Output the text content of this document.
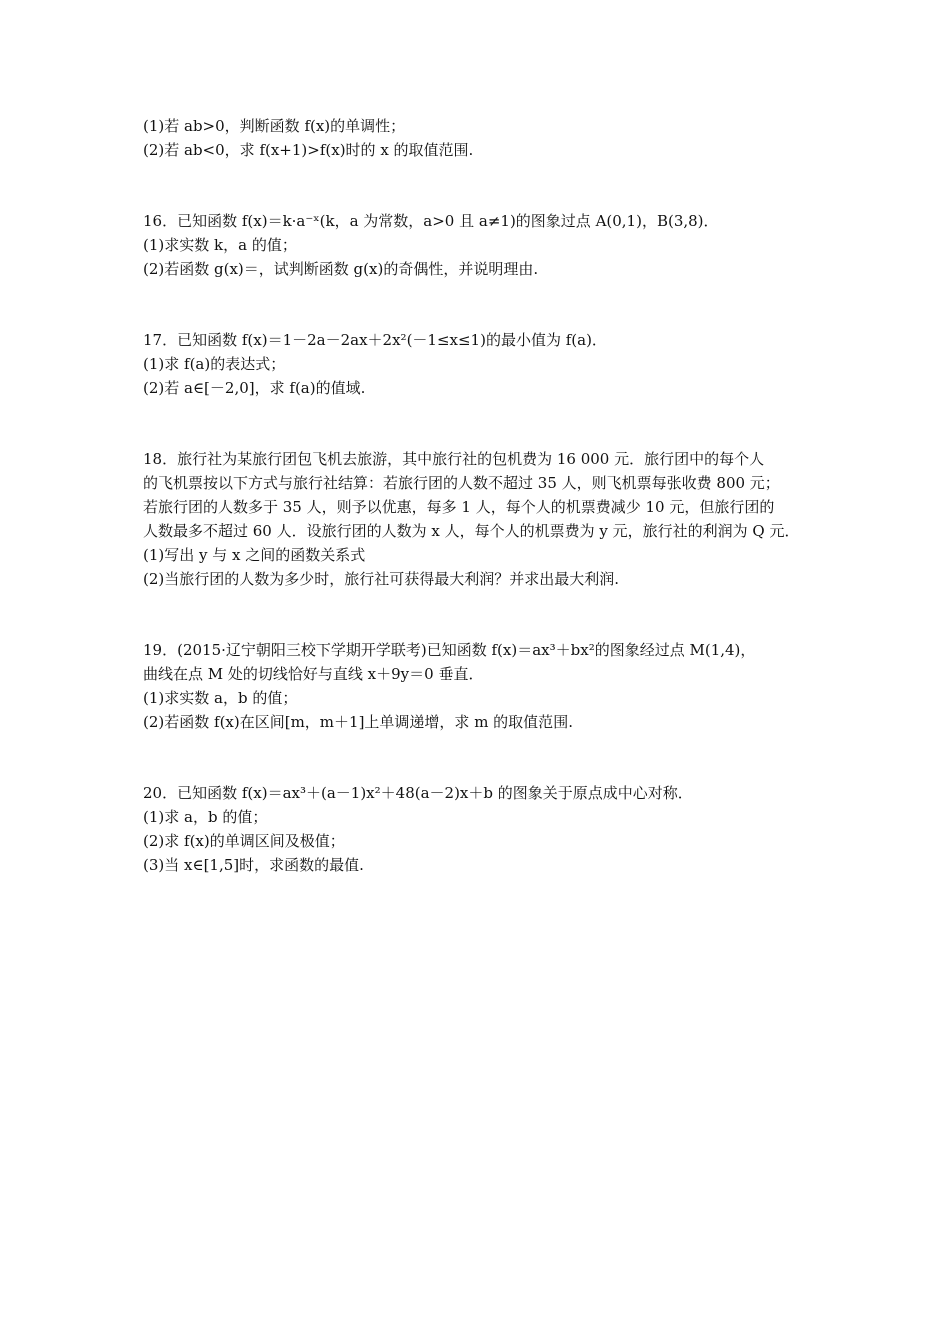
(1)若 ab>0，判断函数 f(x)的单调性；

(2)若 ab<0，求 f(x+1)>f(x)时的 x 的取值范围.

16．已知函数 f(x)＝k·a⁻ˣ(k，a 为常数，a>0 且 a≠1)的图象过点 A(0,1)，B(3,8)．

(1)求实数 k，a 的值；

(2)若函数 g(x)＝，试判断函数 g(x)的奇偶性，并说明理由.

17．已知函数 f(x)＝1－2a－2ax＋2x²(－1≤x≤1)的最小值为 f(a)．

(1)求 f(a)的表达式；

(2)若 a∈[－2,0]，求 f(a)的值域.

18．旅行社为某旅行团包飞机去旅游，其中旅行社的包机费为 16 000 元．旅行团中的每个人

的飞机票按以下方式与旅行社结算：若旅行团的人数不超过 35 人，则飞机票每张收费 800 元；

若旅行团的人数多于 35 人，则予以优惠，每多 1 人，每个人的机票费减少 10 元，但旅行团的

人数最多不超过 60 人．设旅行团的人数为 x 人，每个人的机票费为 y 元，旅行社的利润为 Q 元．

(1)写出 y 与 x 之间的函数关系式

(2)当旅行团的人数为多少时，旅行社可获得最大利润？并求出最大利润.

19．(2015·辽宁朝阳三校下学期开学联考)已知函数 f(x)＝ax³＋bx²的图象经过点 M(1,4)，

曲线在点 M 处的切线恰好与直线 x＋9y＝0 垂直．

(1)求实数 a，b 的值；

(2)若函数 f(x)在区间[m，m＋1]上单调递增，求 m 的取值范围.

20．已知函数 f(x)＝ax³＋(a－1)x²＋48(a－2)x＋b 的图象关于原点成中心对称．

(1)求 a，b 的值；

(2)求 f(x)的单调区间及极值；

(3)当 x∈[1,5]时，求函数的最值.
